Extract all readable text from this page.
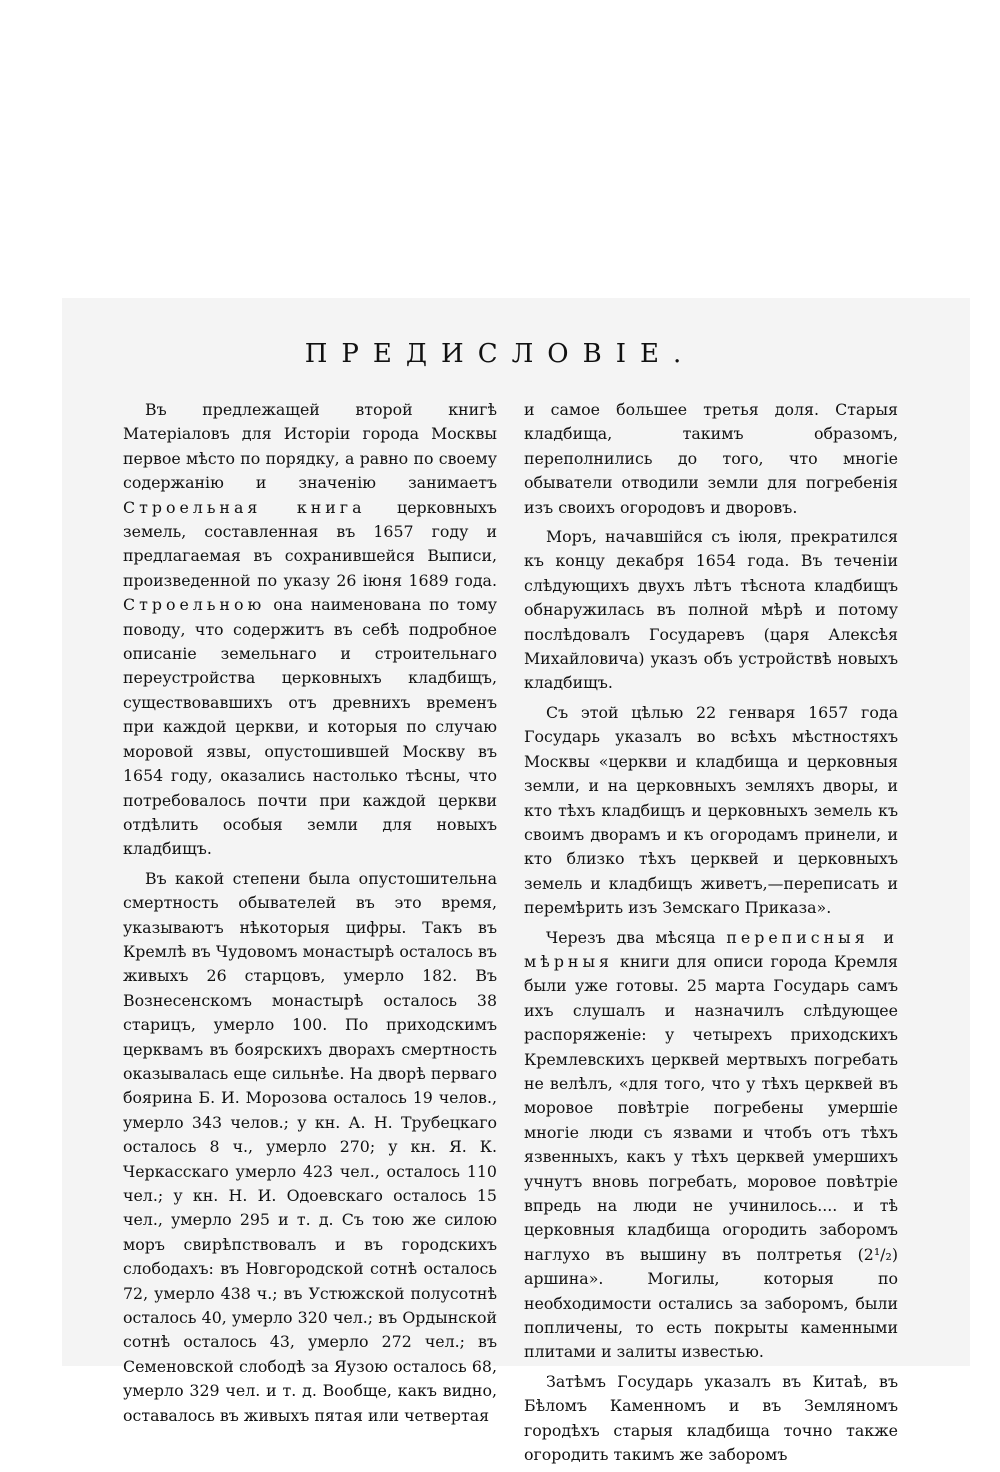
ПРЕДИСЛОВІЕ.

Въ предлежащей второй книгѣ Матеріаловъ для Исторіи города Москвы первое мѣсто по порядку, а равно по своему содержанію и значенію занимаетъ Строельная книга церковныхъ земель, составленная въ 1657 году и предлагаемая въ сохранившейся Выписи, произведенной по указу 26 іюня 1689 года. Строельною она наименована по тому поводу, что содержитъ въ себѣ подробное описаніе земельнаго и строительнаго переустройства церковныхъ кладбищъ, существовавшихъ отъ древнихъ временъ при каждой церкви, и которыя по случаю моровой язвы, опустошившей Москву въ 1654 году, оказались настолько тѣсны, что потребовалось почти при каждой церкви отдѣлить особыя земли для новыхъ кладбищъ.

Въ какой степени была опустошительна смертность обывателей въ это время, указываютъ нѣкоторыя цифры. Такъ въ Кремлѣ въ Чудовомъ монастырѣ осталось въ живыхъ 26 старцовъ, умерло 182. Въ Вознесенскомъ монастырѣ осталось 38 старицъ, умерло 100. По приходскимъ церквамъ въ боярскихъ дворахъ смертность оказывалась еще сильнѣе. На дворѣ перваго боярина Б. И. Морозова осталось 19 челов., умерло 343 челов.; у кн. А. Н. Трубецкаго осталось 8 ч., умерло 270; у кн. Я. К. Черкасскаго умерло 423 чел., осталось 110 чел.; у кн. Н. И. Одоевскаго осталось 15 чел., умерло 295 и т. д. Съ тою же силою моръ свирѣпствовалъ и въ городскихъ слободахъ: въ Новгородской сотнѣ осталось 72, умерло 438 ч.; въ Устюжской полусотнѣ осталось 40, умерло 320 чел.; въ Ордынской сотнѣ осталось 43, умерло 272 чел.; въ Семеновской слободѣ за Яузою осталось 68, умерло 329 чел. и т. д. Вообще, какъ видно, оставалось въ живыхъ пятая или четвертая

и самое большее третья доля. Старыя кладбища, такимъ образомъ, переполнились до того, что многіе обыватели отводили земли для погребенія изъ своихъ огородовъ и дворовъ.

Моръ, начавшійся съ іюля, прекратился къ концу декабря 1654 года. Въ теченіи слѣдующихъ двухъ лѣтъ тѣснота кладбищъ обнаружилась въ полной мѣрѣ и потому послѣдовалъ Государевъ (царя Алексѣя Михайловича) указъ объ устройствѣ новыхъ кладбищъ.

Съ этой цѣлью 22 генваря 1657 года Государь указалъ во всѣхъ мѣстностяхъ Москвы «церкви и кладбища и церковныя земли, и на церковныхъ земляхъ дворы, и кто тѣхъ кладбищъ и церковныхъ земель къ своимъ дворамъ и къ огородамъ принели, и кто близко тѣхъ церквей и церковныхъ земель и кладбищъ живетъ,—переписать и перемѣрить изъ Земскаго Приказа».

Черезъ два мѣсяца переписныя и мѣрныя книги для описи города Кремля были уже готовы. 25 марта Государь самъ ихъ слушалъ и назначилъ слѣдующее распоряженіе: у четырехъ приходскихъ Кремлевскихъ церквей мертвыхъ погребать не велѣлъ, «для того, что у тѣхъ церквей въ моровое повѣтріе погребены умершіе многіе люди съ язвами и чтобъ отъ тѣхъ язвенныхъ, какъ у тѣхъ церквей умершихъ учнутъ вновь погребать, моровое повѣтріе впредь на люди не учинилось.... и тѣ церковныя кладбища огородить заборомъ наглухо въ вышину въ полтретья (2¹/₂) аршина». Могилы, которыя по необходимости остались за заборомъ, были попличены, то есть покрыты каменными плитами и залиты известью.

Затѣмъ Государь указалъ въ Китаѣ, въ Бѣломъ Каменномъ и въ Земляномъ городѣхъ старыя кладбища точно также огородить такимъ же заборомъ
